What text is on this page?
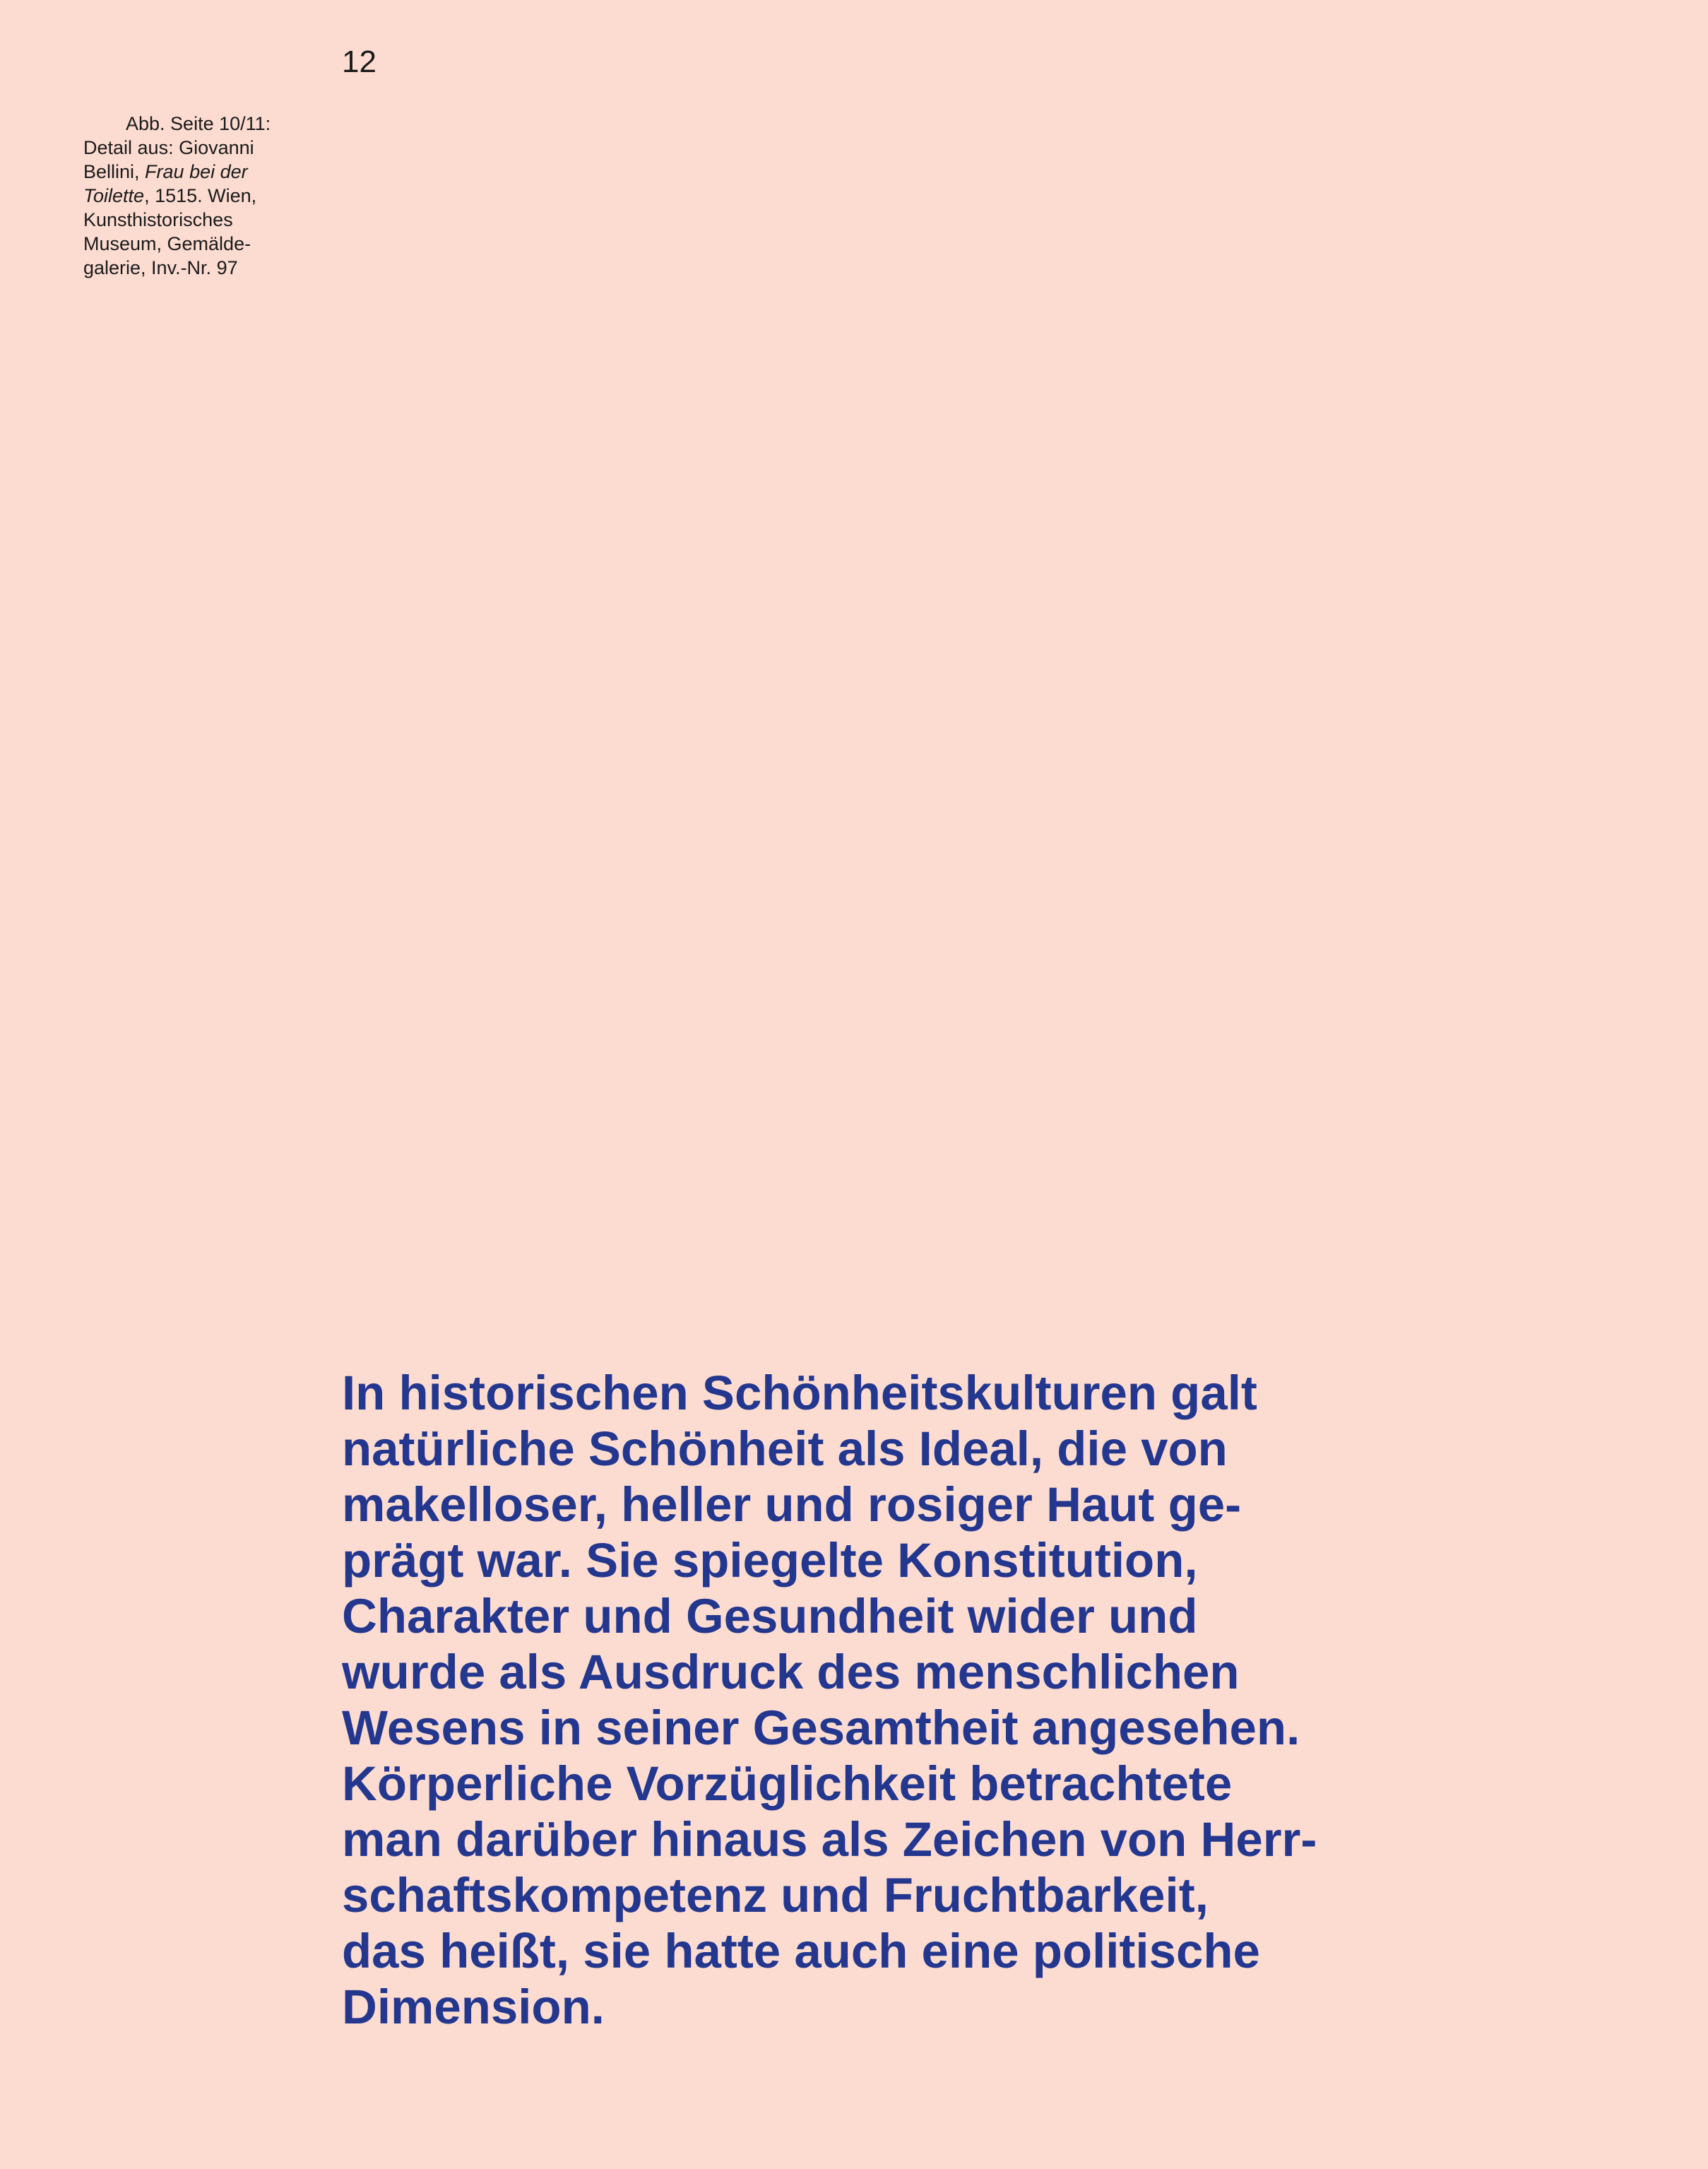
12
Abb. Seite 10/11:
Detail aus: Giovanni
Bellini, Frau bei der
Toilette, 1515. Wien,
Kunsthistorisches
Museum, Gemälde-
galerie, Inv.-Nr. 97
In historischen Schönheitskulturen galt
natürliche Schönheit als Ideal, die von
makelloser, heller und rosiger Haut ge-
prägt war. Sie spiegelte Konstitution,
Charakter und Gesundheit wider und
wurde als Ausdruck des menschlichen
Wesens in seiner Gesamtheit angesehen.
Körperliche Vorzüglichkeit betrachtete
man darüber hinaus als Zeichen von Herr-
schaftskompetenz und Fruchtbarkeit,
das heißt, sie hatte auch eine politische
Dimension.
